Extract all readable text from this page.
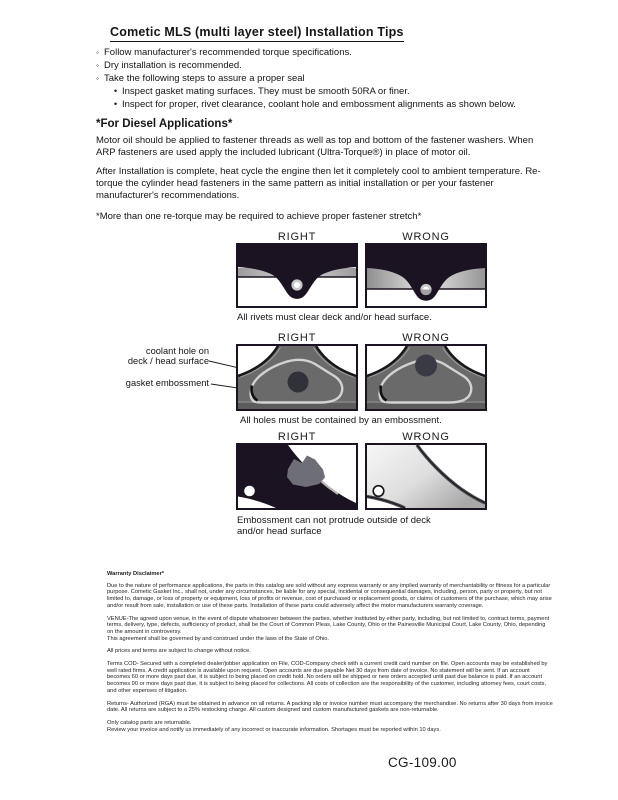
Cometic MLS (multi layer steel) Installation Tips
◦ Follow manufacturer's recommended torque specifications.
◦ Dry installation is recommended.
◦ Take the following steps to assure a proper seal
• Inspect gasket mating surfaces. They must be smooth 50RA or finer.
• Inspect for proper, rivet clearance, coolant hole and embossment alignments as shown below.
*For Diesel Applications*
Motor oil should be applied to fastener threads as well as top and bottom of the fastener washers. When ARP fasteners are used apply the included lubricant (Ultra-Torque®) in place of motor oil.
After Installation is complete, heat cycle the engine then let it completely cool to ambient temperature. Re-torque the cylinder head fasteners in the same pattern as initial installation or per your fastener manufacturer's recommendations.
*More than one re-torque may be required to achieve proper fastener stretch*
RIGHT	WRONG
All rivets must clear deck and/or head surface.
coolant hole on
deck / head surface
gasket embossment
RIGHT	WRONG
All holes must be contained by an embossment.
RIGHT	WRONG
Embossment can not protrude outside of deck
and/or head surface
Warranty Disclaimer*

Due to the nature of performance applications, the parts in this catalog are sold without any express warranty or any implied warranty of merchantability or fitness for a particular purpose. Cometic Gasket Inc., shall not, under any circumstances, be liable for any special, incidental or consequential damages, including, person, party or property, but not limited to, damage, or loss of property or equipment, loss of profits or revenue, cost of purchased or replacement goods, or claims of customers of the purchase, which may arise and/or result from sale, installation or use of these parts. Installation of these parts could adversely affect the motor manufacturers warranty coverage.

VENUE-The agreed upon venue, in the event of dispute whatsoever between the parties, whether instituted by either party, including, but not limited to, contract terms, payment terms, delivery, type, defects, sufficiency of product, shall be the Court of Common Pleas, Lake County, Ohio or the Painesville Municipal Court, Lake County, Ohio, depending on the amount in controversy.

This agreement shall be governed by and construed under the laws of the State of Ohio.

All prices and terms are subject to change without notice.

Terms COD- Secured with a completed dealer/jobber application on File, COD-Company check with a current credit card number on file. Open accounts may be established by well rated firms. A credit application is available upon request. Open accounts are due payable Net 30 days from date of invoice. No statement will be sent. If an account becomes 60 or more days past due, it is subject to being placed on credit hold. No orders will be shipped or new orders accepted until past due balance is paid. If an account becomes 90 or more days past due, it is subject to being placed for collections. All costs of collection are the responsibility of the customer, including attorney fees, court costs, and other expenses of litigation.

Returns- Authorized (RGA) must be obtained in advance on all returns. A packing slip or invoice number must accompany the merchandise. No returns after 30 days from invoice date. All returns are subject to a 25% restocking charge. All custom designed and custom manufactured gaskets are non-returnable.

Only catalog parts are returnable.

Review your invoice and notify us immediately of any incorrect or inaccurate information. Shortages must be reported within 10 days.

CG-109.00
